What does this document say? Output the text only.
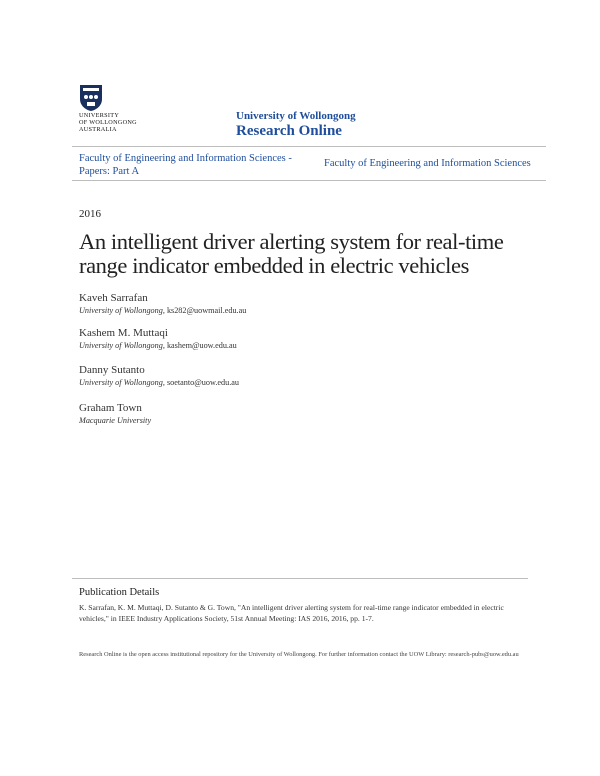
UNIVERSITY
OF WOLLONGONG
AUSTRALIA
University of Wollongong
Research Online
Faculty of Engineering and Information Sciences - Papers: Part A
Faculty of Engineering and Information Sciences
2016
An intelligent driver alerting system for real-time range indicator embedded in electric vehicles
Kaveh Sarrafan
University of Wollongong, ks282@uowmail.edu.au
Kashem M. Muttaqi
University of Wollongong, kashem@uow.edu.au
Danny Sutanto
University of Wollongong, soetanto@uow.edu.au
Graham Town
Macquarie University
Publication Details
K. Sarrafan, K. M. Muttaqi, D. Sutanto & G. Town, "An intelligent driver alerting system for real-time range indicator embedded in electric vehicles," in IEEE Industry Applications Society, 51st Annual Meeting: IAS 2016, 2016, pp. 1-7.
Research Online is the open access institutional repository for the University of Wollongong. For further information contact the UOW Library: research-pubs@uow.edu.au
